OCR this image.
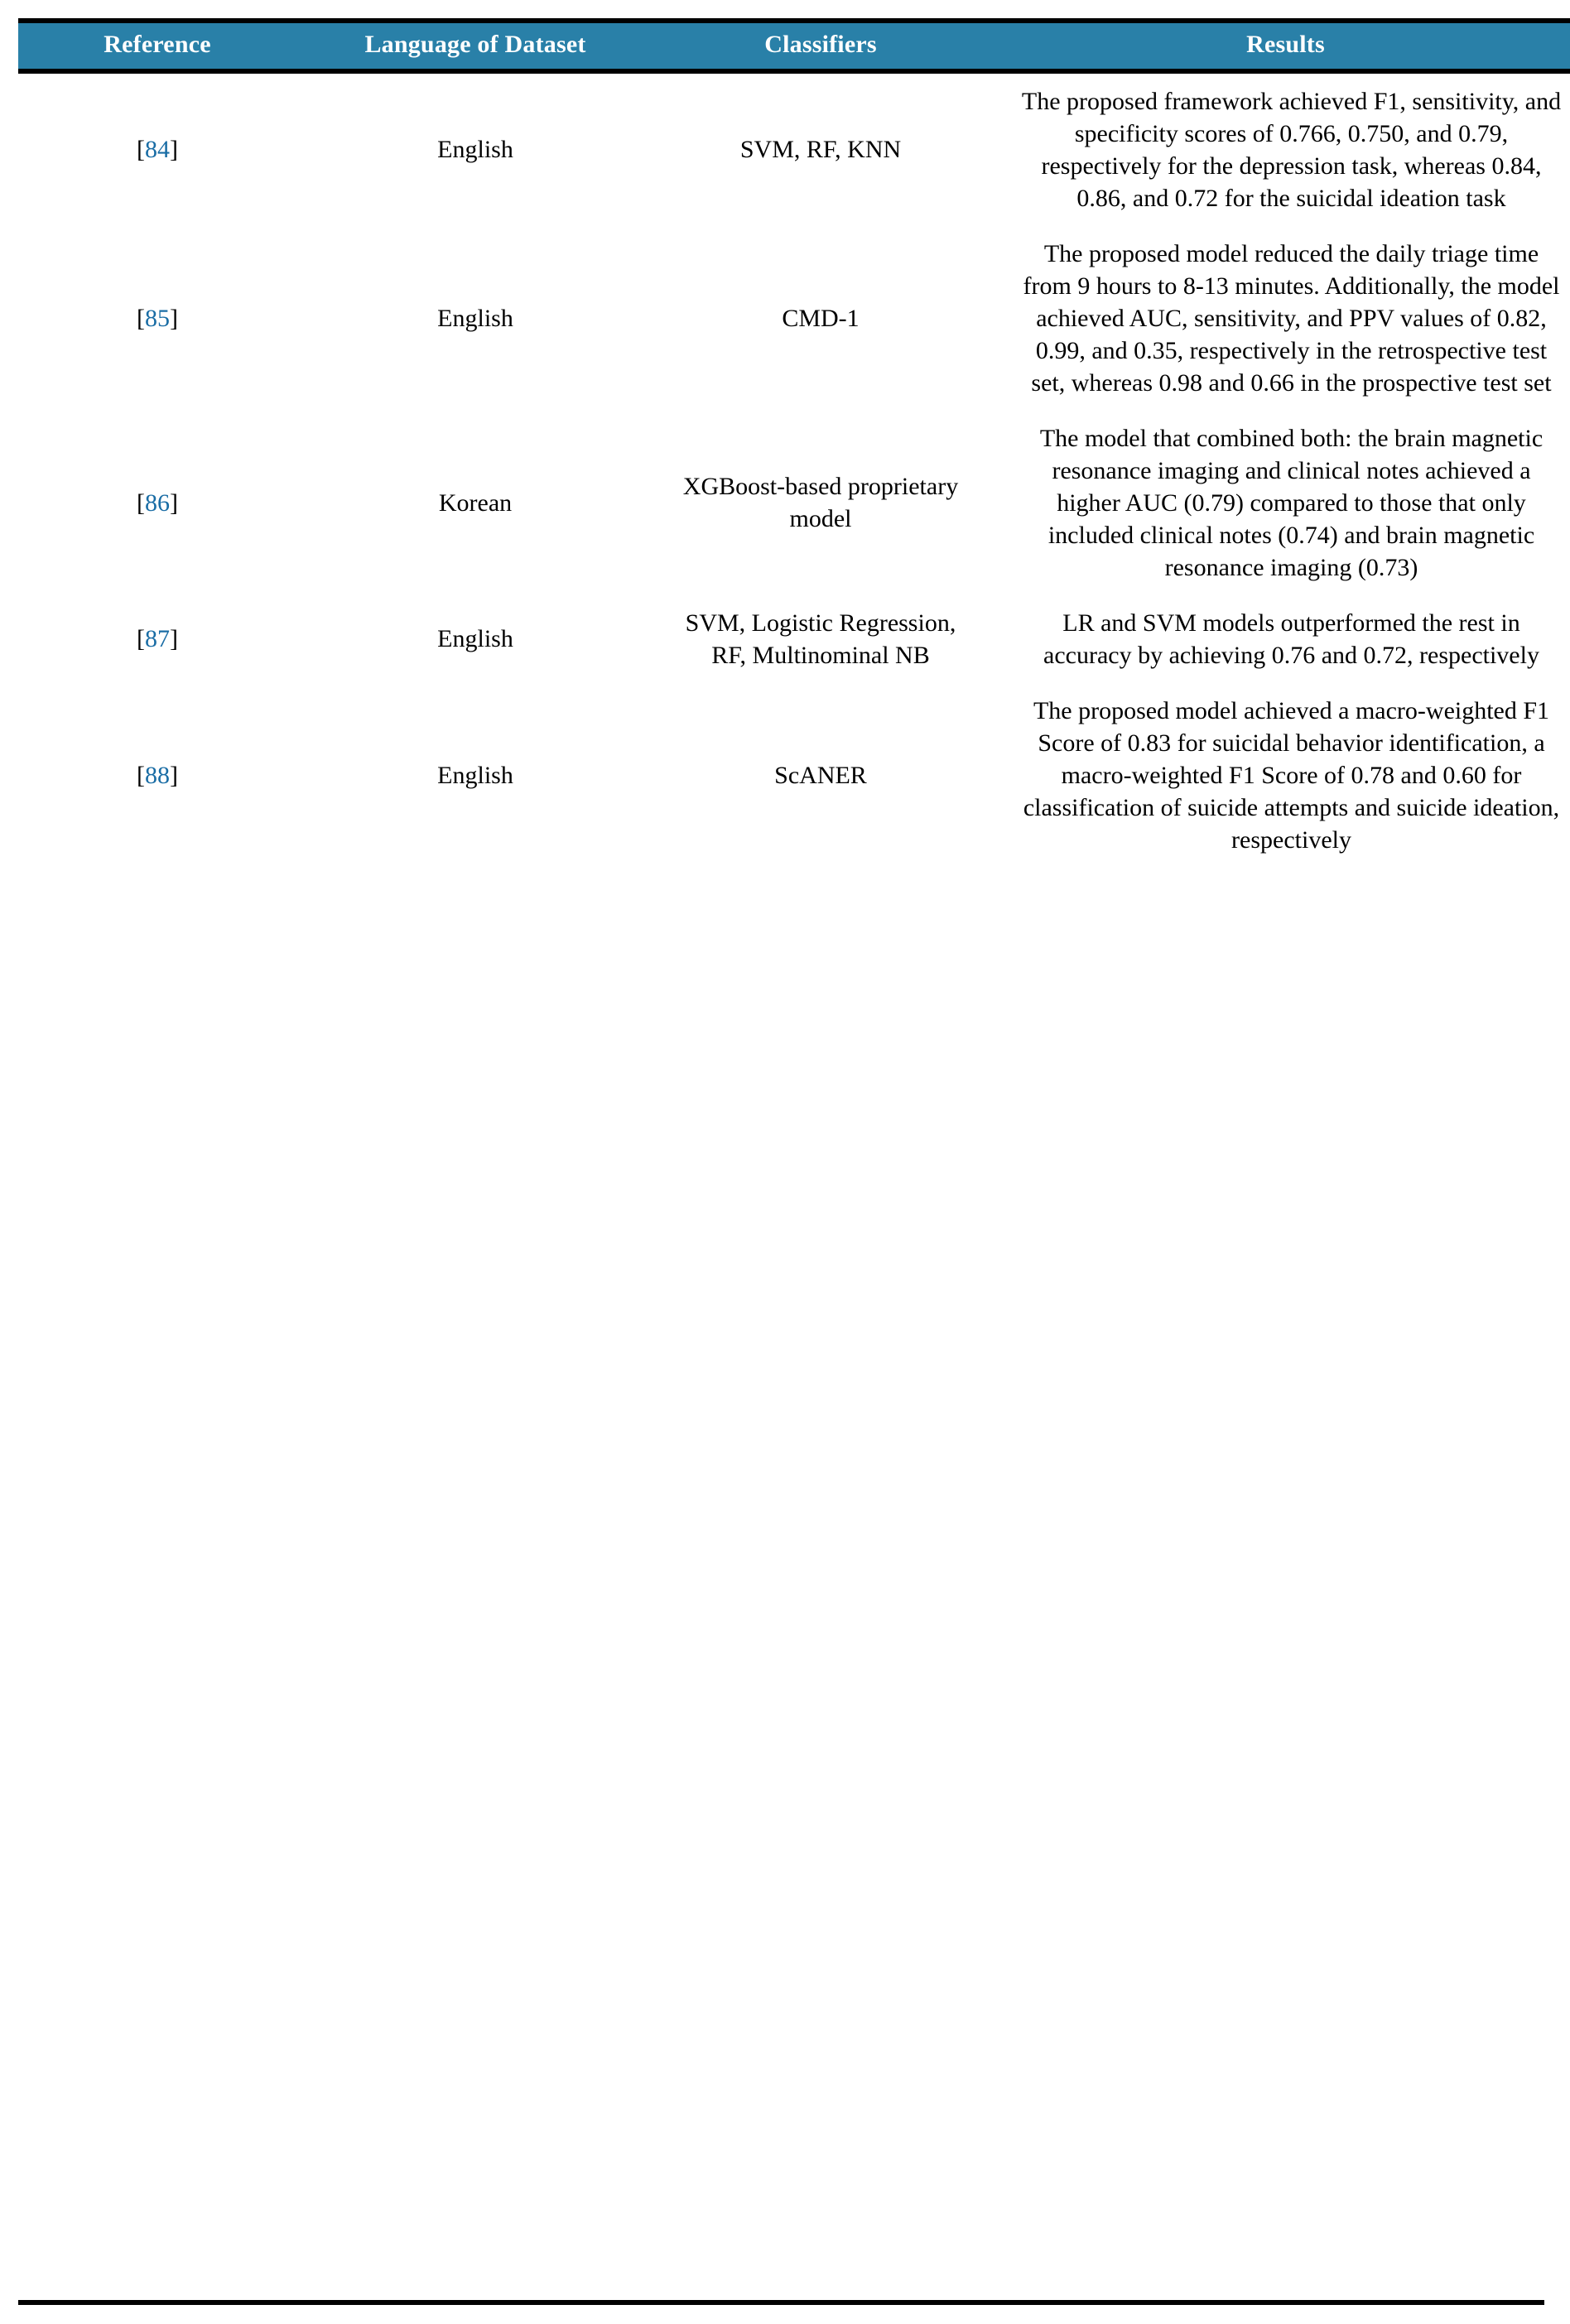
Reference	Language of Dataset	Classifiers	Results
[84]	English	SVM, RF, KNN	The proposed framework achieved F1, sensitivity, and specificity scores of 0.766, 0.750, and 0.79, respectively for the depression task, whereas 0.84, 0.86, and 0.72 for the suicidal ideation task
[85]	English	CMD-1	The proposed model reduced the daily triage time from 9 hours to 8-13 minutes. Additionally, the model achieved AUC, sensitivity, and PPV values of 0.82, 0.99, and 0.35, respectively in the retrospective test set, whereas 0.98 and 0.66 in the prospective test set
[86]	Korean	XGBoost-based proprietary model	The model that combined both: the brain magnetic resonance imaging and clinical notes achieved a higher AUC (0.79) compared to those that only included clinical notes (0.74) and brain magnetic resonance imaging (0.73)
[87]	English	SVM, Logistic Regression, RF, Multinominal NB	LR and SVM models outperformed the rest in accuracy by achieving 0.76 and 0.72, respectively
[88]	English	ScANER	The proposed model achieved a macro-weighted F1 Score of 0.83 for suicidal behavior identification, a macro-weighted F1 Score of 0.78 and 0.60 for classification of suicide attempts and suicide ideation, respectively
